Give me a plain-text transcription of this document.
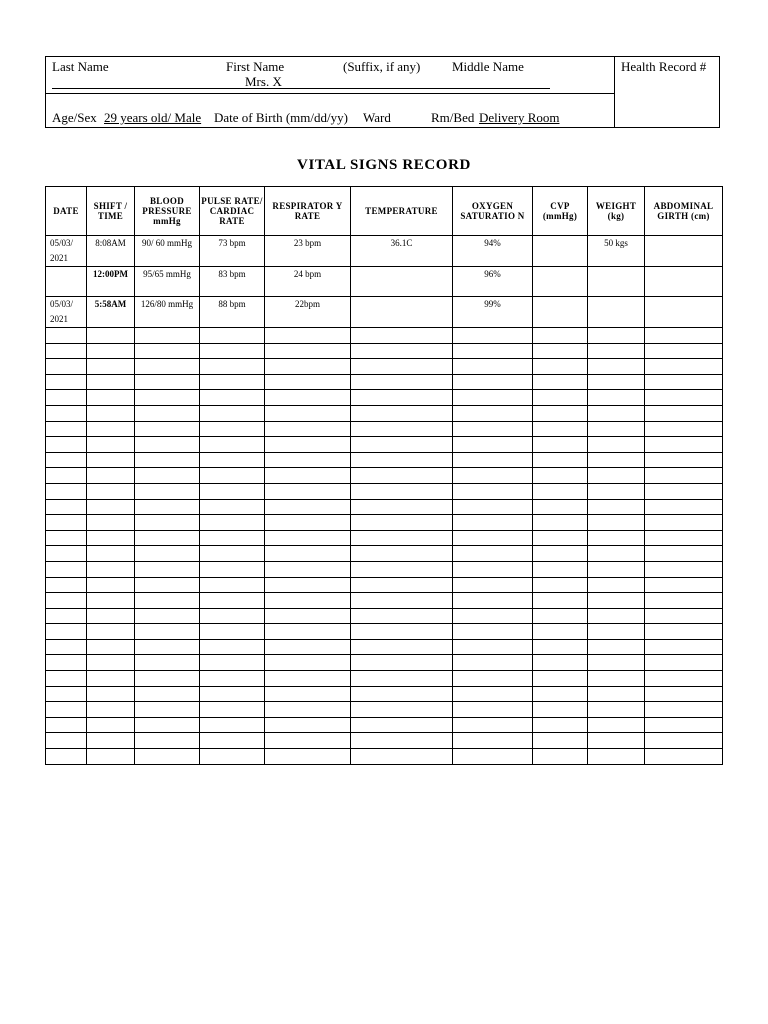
Last Name	First Name	(Suffix, if any) Middle Name	Health Record #
Mrs. X
Age/Sex 29 years old/ Male Date of Birth (mm/dd/yy) Ward	Rm/Bed Delivery Room
VITAL SIGNS RECORD
DATE	SHIFT / TIME	BLOOD PRESSURE mmHg	PULSE RATE/ CARDIAC RATE	RESPIRATOR Y RATE	TEMPERATURE	OXYGEN SATURATIO N	CVP (mmHg)	WEIGHT (kg)	ABDOMINAL GIRTH (cm)
05/03/ 2021	8:08AM	90/ 60 mmHg	73 bpm	23 bpm	36.1C	94%		50 kgs	
	12:00PM	95/65 mmHg	83 bpm	24 bpm		96%			
05/03/ 2021	5:58AM	126/80 mmHg	88 bpm	22bpm		99%			
